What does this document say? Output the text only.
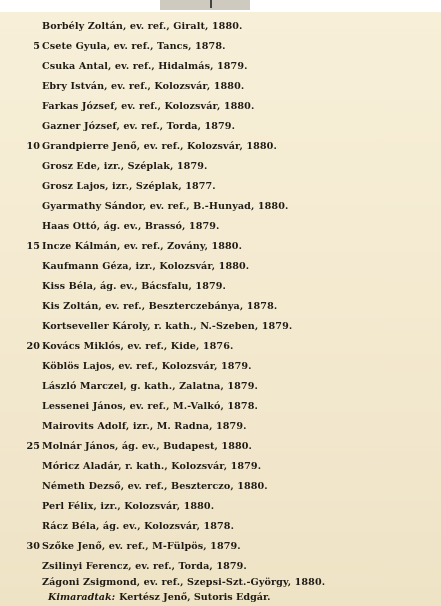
Borbély Zoltán, ev. ref., Giralt, 1880.
5 Csete Gyula, ev. ref., Tancs, 1878.
Csuka Antal, ev. ref., Hidalmás, 1879.
Ebry István, ev. ref., Kolozsvár, 1880.
Farkas József, ev. ref., Kolozsvár, 1880.
Gazner József, ev. ref., Torda, 1879.
10 Grandpierre Jenő, ev. ref., Kolozsvár, 1880.
Grosz Ede, izr., Széplak, 1879.
Grosz Lajos, izr., Széplak, 1877.
Gyarmathy Sándor, ev. ref., B.-Hunyad, 1880.
Haas Ottó, ág. ev., Brassó, 1879.
15 Incze Kálmán, ev. ref., Zovány, 1880.
Kaufmann Géza, izr., Kolozsvár, 1880.
Kiss Béla, ág. ev., Bácsfalu, 1879.
Kis Zoltán, ev. ref., Beszterczebánya, 1878.
Kortseveller Károly, r. kath., N.-Szeben, 1879.
20 Kovács Miklós, ev. ref., Kide, 1876.
Köblös Lajos, ev. ref., Kolozsvár, 1879.
László Marczel, g. kath., Zalatna, 1879.
Lessenei János, ev. ref., M.-Valkó, 1878.
Mairovits Adolf, izr., M. Radna, 1879.
25 Molnár János, ág. ev., Budapest, 1880.
Móricz Aladár, r. kath., Kolozsvár, 1879.
Németh Dezső, ev. ref., Beszterczo, 1880.
Perl Félix, izr., Kolozsvár, 1880.
Rácz Béla, ág. ev., Kolozsvár, 1878.
30 Szőke Jenő, ev. ref., M-Fülpös, 1879.
Zsilinyi Ferencz, ev. ref., Torda, 1879.
Zágoni Zsigmond, ev. ref., Szepsi-Szt.-György, 1880.
Kimaradtak: Kertész Jenő, Sutoris Edgár.
